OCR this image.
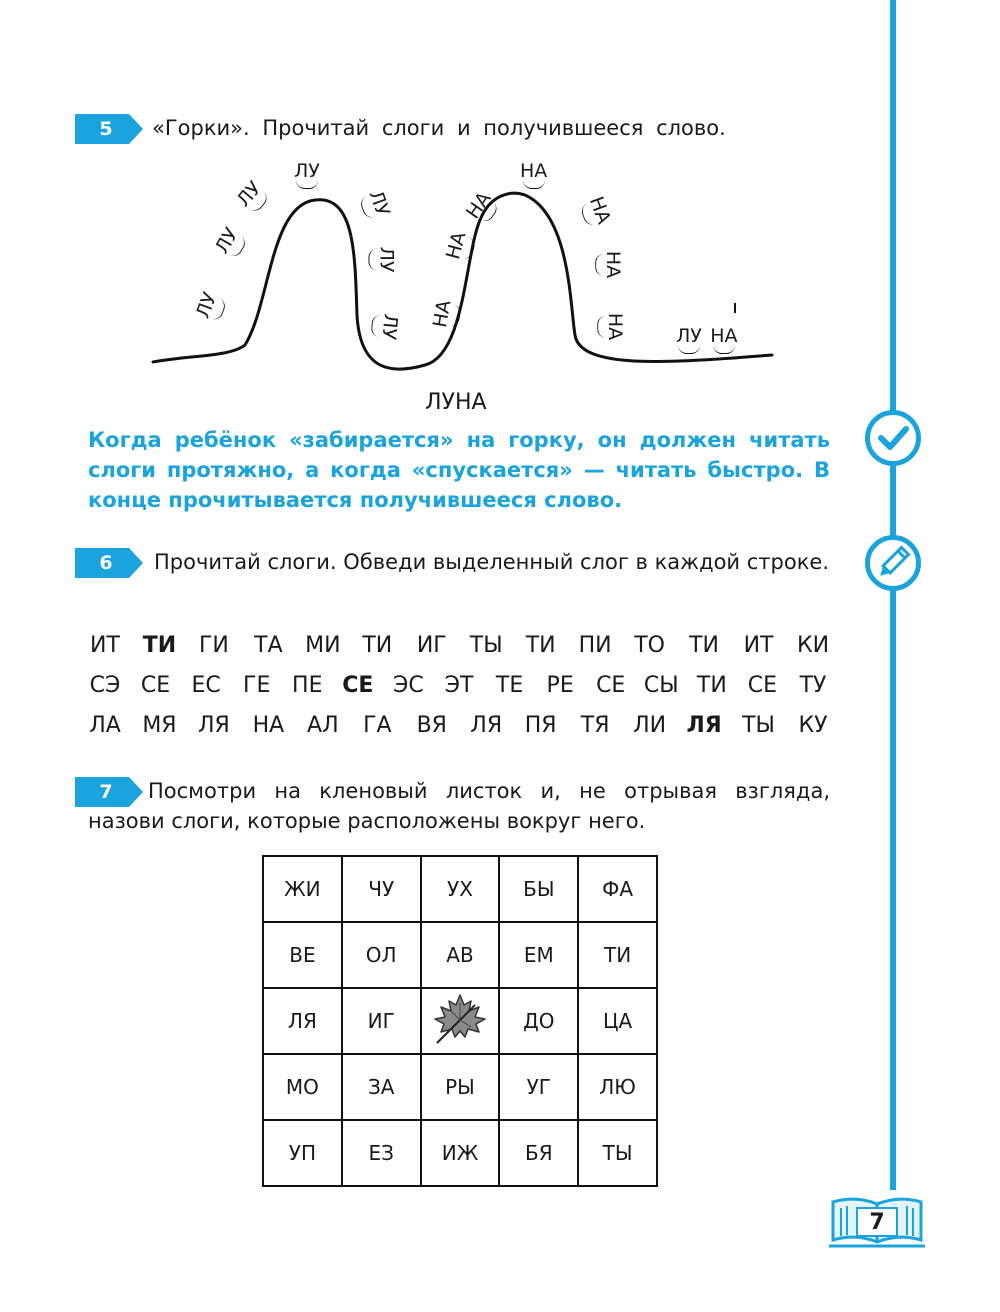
5	«Горки». Прочитай слоги и получившееся слово.
ЛУ
ЛУ
ЛУ
ЛУ
ЛУ
ЛУ
ЛУ НА
НА
НА
НА
НА
НА
НА	ЛУ НА
ЛУНА
Когда ребёнок «забирается» на горку, он должен читать слоги протяжно, а когда «спускается» — читать быстро. В конце прочитывается получившееся слово.
6	Прочитай слоги. Обведи выделенный слог в каждой строке.
ИТ ТИ ГИ ТА МИ ТИ ИГ ТЫ ТИ ПИ ТО ТИ ИТ КИ
СЭ СЕ ЕС ГЕ ПЕ СЕ ЭС ЭТ ТЕ РЕ СЕ СЫ ТИ СЕ ТУ
ЛА МЯ ЛЯ НА АЛ ГА ВЯ ЛЯ ПЯ ТЯ ЛИ ЛЯ ТЫ КУ
7	Посмотри на кленовый листок и, не отрывая взгляда, назови слоги, которые расположены вокруг него.
ЖИ	ЧУ	УХ	БЫ	ФА
ВЕ	ОЛ	АВ	ЕМ	ТИ
ЛЯ	ИГ		ДО	ЦА
МО	ЗА	РЫ	УГ	ЛЮ
УП	ЕЗ	ИЖ	БЯ	ТЫ
7
